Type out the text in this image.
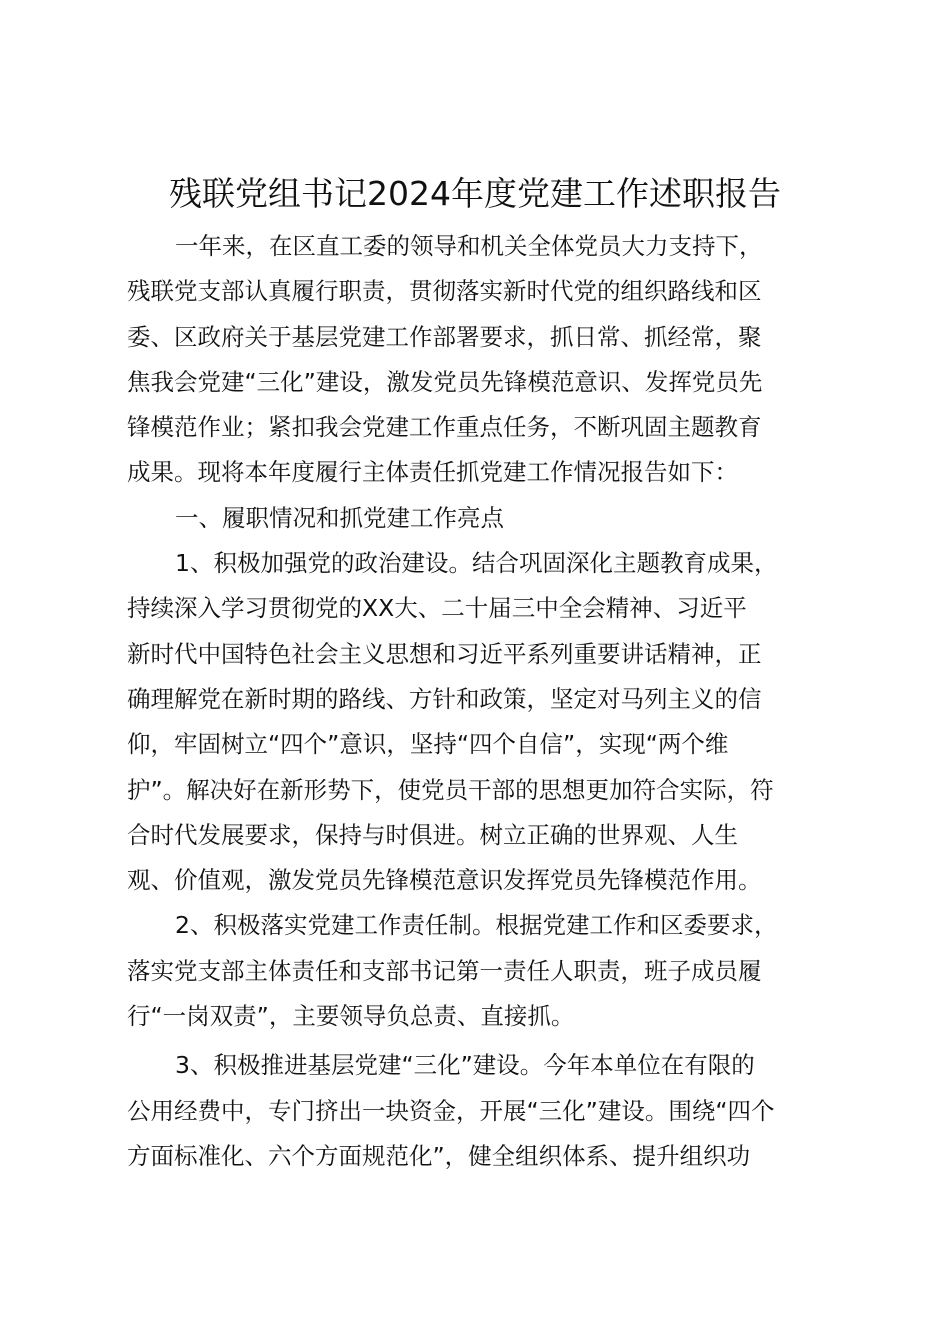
残联党组书记2024年度党建工作述职报告
一年来，在区直工委的领导和机关全体党员大力支持下，
残联党支部认真履行职责，贯彻落实新时代党的组织路线和区
委、区政府关于基层党建工作部署要求，抓日常、抓经常，聚
焦我会党建“三化”建设，激发党员先锋模范意识、发挥党员先
锋模范作业；紧扣我会党建工作重点任务，不断巩固主题教育
成果。现将本年度履行主体责任抓党建工作情况报告如下：
一、履职情况和抓党建工作亮点
1、积极加强党的政治建设。结合巩固深化主题教育成果，
持续深入学习贯彻党的XX大、二十届三中全会精神、习近平
新时代中国特色社会主义思想和习近平系列重要讲话精神，正
确理解党在新时期的路线、方针和政策，坚定对马列主义的信
仰，牢固树立“四个”意识，坚持“四个自信”，实现“两个维
护”。解决好在新形势下，使党员干部的思想更加符合实际，符
合时代发展要求，保持与时俱进。树立正确的世界观、人生
观、价值观，激发党员先锋模范意识发挥党员先锋模范作用。
2、积极落实党建工作责任制。根据党建工作和区委要求，
落实党支部主体责任和支部书记第一责任人职责，班子成员履
行“一岗双责”，主要领导负总责、直接抓。
3、积极推进基层党建“三化”建设。今年本单位在有限的
公用经费中，专门挤出一块资金，开展“三化”建设。围绕“四个
方面标准化、六个方面规范化”，健全组织体系、提升组织功
